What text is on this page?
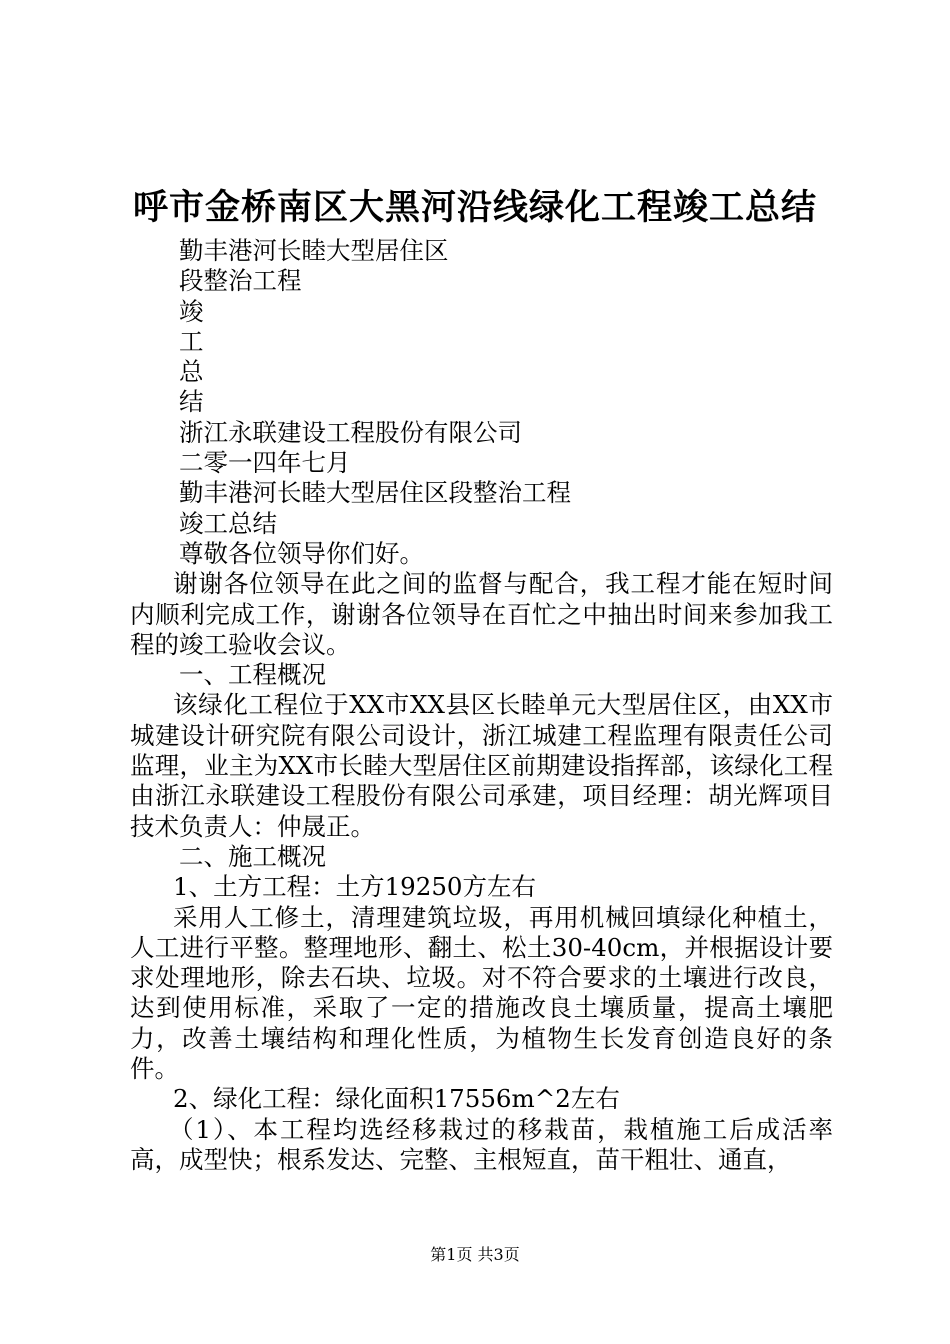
呼市金桥南区大黑河沿线绿化工程竣工总结

勤丰港河长睦大型居住区

段整治工程

竣

工

总

结

浙江永联建设工程股份有限公司

二零一四年七月

勤丰港河长睦大型居住区段整治工程

竣工总结

尊敬各位领导你们好。

谢谢各位领导在此之间的监督与配合，我工程才能在短时间内顺利完成工作，谢谢各位领导在百忙之中抽出时间来参加我工程的竣工验收会议。

一、工程概况

该绿化工程位于XX市XX县区长睦单元大型居住区，由XX市城建设计研究院有限公司设计，浙江城建工程监理有限责任公司监理，业主为XX市长睦大型居住区前期建设指挥部，该绿化工程由浙江永联建设工程股份有限公司承建，项目经理：胡光辉项目技术负责人：仲晟正。

二、施工概况

1、土方工程：土方19250方左右

采用人工修土，清理建筑垃圾，再用机械回填绿化种植土，人工进行平整。整理地形、翻土、松土30-40cm，并根据设计要求处理地形，除去石块、垃圾。对不符合要求的土壤进行改良，达到使用标准，采取了一定的措施改良土壤质量，提高土壤肥力，改善土壤结构和理化性质，为植物生长发育创造良好的条件。

2、绿化工程：绿化面积17556m^2左右

（1）、本工程均选经移栽过的移栽苗，栽植施工后成活率高，成型快；根系发达、完整、主根短直，苗干粗壮、通直，

第1页 共3页
